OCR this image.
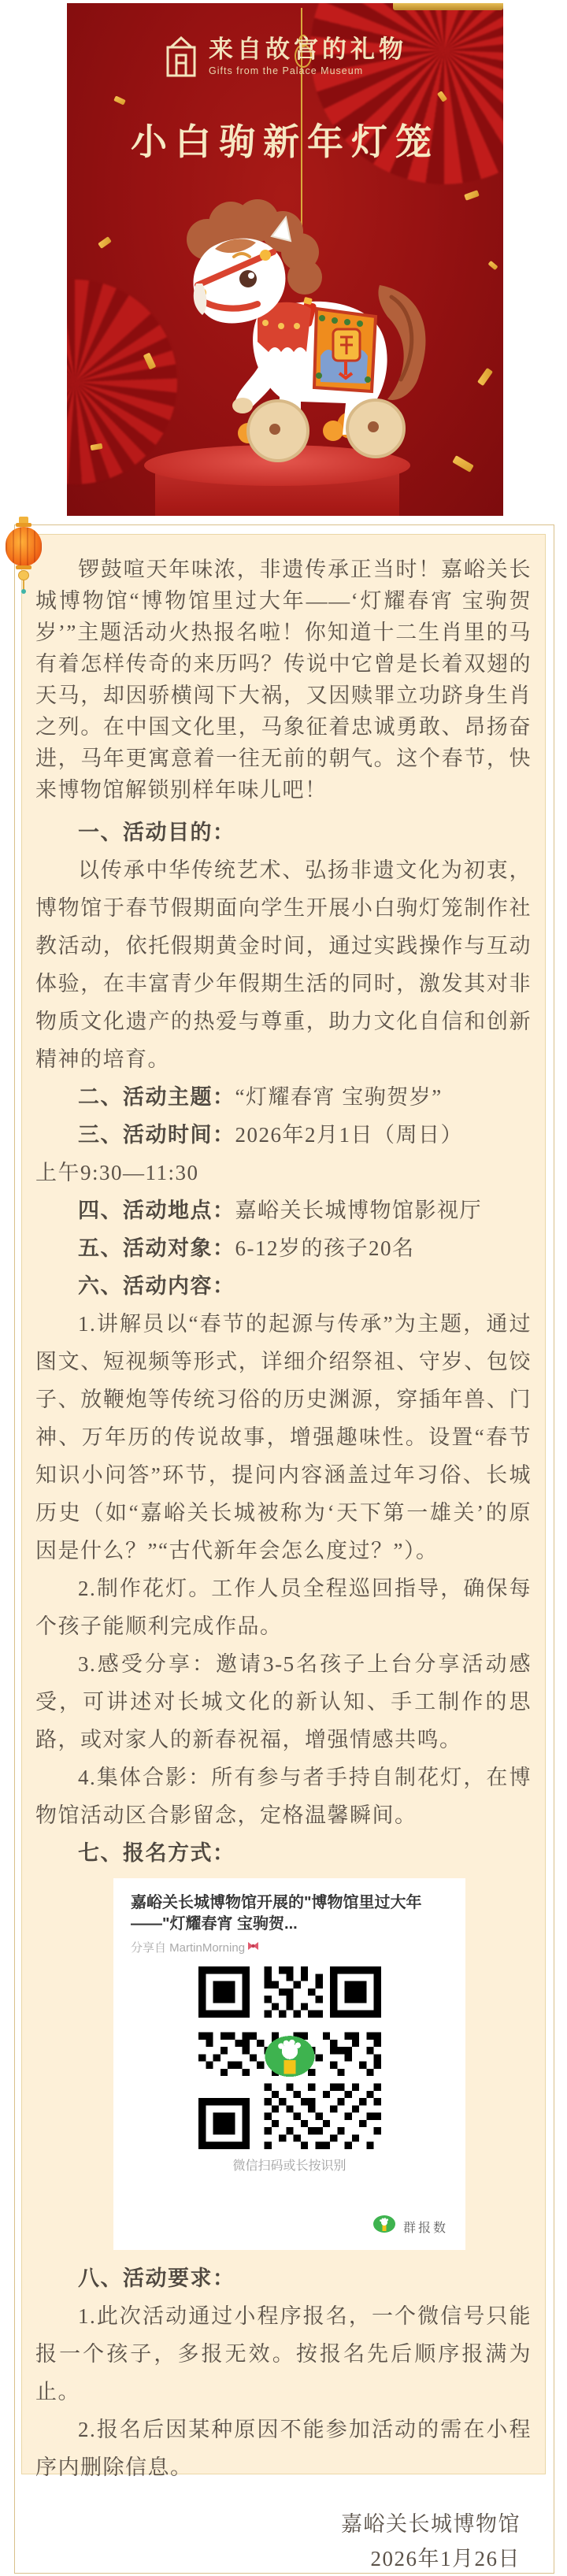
来自故宫的礼物
Gifts from the Palace Museum
小白驹新年灯笼

锣鼓喧天年味浓，非遗传承正当时！嘉峪关长城博物馆“博物馆里过大年——‘灯耀春宵 宝驹贺岁’”主题活动火热报名啦！你知道十二生肖里的马有着怎样传奇的来历吗？传说中它曾是长着双翅的天马，却因骄横闯下大祸，又因赎罪立功跻身生肖之列。在中国文化里，马象征着忠诚勇敢、昂扬奋进，马年更寓意着一往无前的朝气。这个春节，快来博物馆解锁别样年味儿吧！

一、活动目的：

以传承中华传统艺术、弘扬非遗文化为初衷，博物馆于春节假期面向学生开展小白驹灯笼制作社教活动，依托假期黄金时间，通过实践操作与互动体验，在丰富青少年假期生活的同时，激发其对非物质文化遗产的热爱与尊重，助力文化自信和创新精神的培育。

二、活动主题：“灯耀春宵 宝驹贺岁”

三、活动时间：2026年2月1日（周日）

上午9:30—11:30

四、活动地点：嘉峪关长城博物馆影视厅

五、活动对象：6-12岁的孩子20名

六、活动内容：

1.讲解员以“春节的起源与传承”为主题，通过图文、短视频等形式，详细介绍祭祖、守岁、包饺子、放鞭炮等传统习俗的历史渊源，穿插年兽、门神、万年历的传说故事，增强趣味性。设置“春节知识小问答”环节，提问内容涵盖过年习俗、长城历史（如“嘉峪关长城被称为‘天下第一雄关’的原因是什么？”“古代新年会怎么度过？”）。

2.制作花灯。工作人员全程巡回指导，确保每个孩子能顺利完成作品。

3.感受分享：邀请3-5名孩子上台分享活动感受，可讲述对长城文化的新认知、手工制作的思路，或对家人的新春祝福，增强情感共鸣。

4.集体合影：所有参与者手持自制花灯，在博物馆活动区合影留念，定格温馨瞬间。

七、报名方式：

嘉峪关长城博物馆开展的"博物馆里过大年——"灯耀春宵 宝驹贺...
分享自 MartinMorning
微信扫码或长按识别
群报数

八、活动要求：

1.此次活动通过小程序报名，一个微信号只能报一个孩子，多报无效。按报名先后顺序报满为止。

2.报名后因某种原因不能参加活动的需在小程序内删除信息。

嘉峪关长城博物馆
2026年1月26日
